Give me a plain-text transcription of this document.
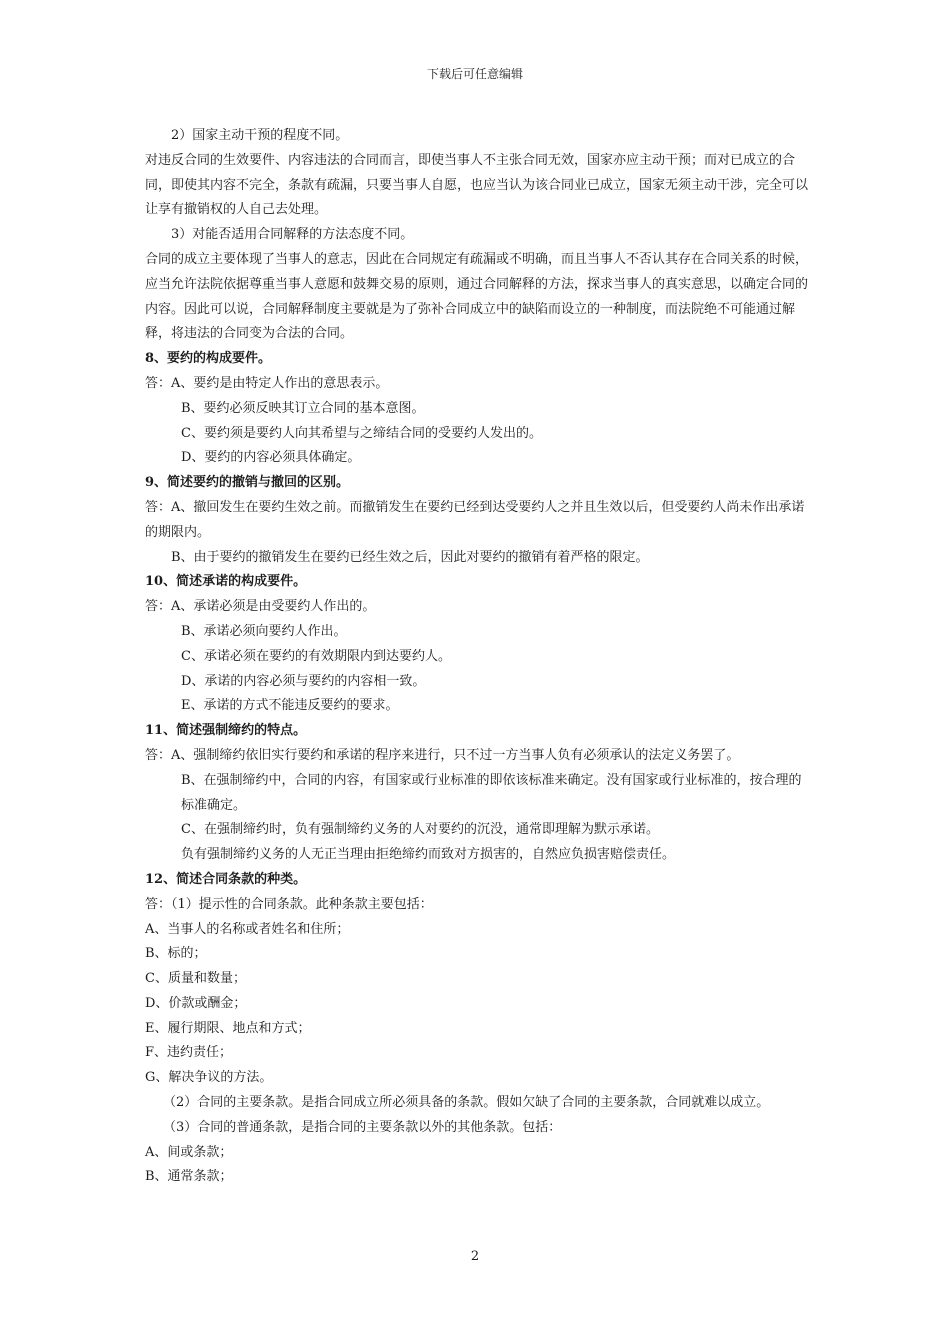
下载后可任意编辑
2）国家主动干预的程度不同。
对违反合同的生效要件、内容违法的合同而言，即使当事人不主张合同无效，国家亦应主动干预；而对已成立的合同，即使其内容不完全，条款有疏漏，只要当事人自愿，也应当认为该合同业已成立，国家无须主动干涉，完全可以让享有撤销权的人自己去处理。
3）对能否适用合同解释的方法态度不同。
合同的成立主要体现了当事人的意志，因此在合同规定有疏漏或不明确，而且当事人不否认其存在合同关系的时候，应当允许法院依据尊重当事人意愿和鼓舞交易的原则，通过合同解释的方法，探求当事人的真实意思，以确定合同的内容。因此可以说，合同解释制度主要就是为了弥补合同成立中的缺陷而设立的一种制度，而法院绝不可能通过解释，将违法的合同变为合法的合同。
8、要约的构成要件。
答：A、要约是由特定人作出的意思表示。
B、要约必须反映其订立合同的基本意图。
C、要约须是要约人向其希望与之缔结合同的受要约人发出的。
D、要约的内容必须具体确定。
9、简述要约的撤销与撤回的区别。
答：A、撤回发生在要约生效之前。而撤销发生在要约已经到达受要约人之并且生效以后，但受要约人尚未作出承诺的期限内。
B、由于要约的撤销发生在要约已经生效之后，因此对要约的撤销有着严格的限定。
10、简述承诺的构成要件。
答：A、承诺必须是由受要约人作出的。
B、承诺必须向要约人作出。
C、承诺必须在要约的有效期限内到达要约人。
D、承诺的内容必须与要约的内容相一致。
E、承诺的方式不能违反要约的要求。
11、简述强制缔约的特点。
答：A、强制缔约依旧实行要约和承诺的程序来进行，只不过一方当事人负有必须承认的法定义务罢了。
B、在强制缔约中，合同的内容，有国家或行业标准的即依该标准来确定。没有国家或行业标准的，按合理的标准确定。
C、在强制缔约时，负有强制缔约义务的人对要约的沉没，通常即理解为默示承诺。
负有强制缔约义务的人无正当理由拒绝缔约而致对方损害的，自然应负损害赔偿责任。
12、简述合同条款的种类。
答：（1）提示性的合同条款。此种条款主要包括：
A、当事人的名称或者姓名和住所；
B、标的；
C、质量和数量；
D、价款或酬金；
E、履行期限、地点和方式；
F、违约责任；
G、解决争议的方法。
（2）合同的主要条款。是指合同成立所必须具备的条款。假如欠缺了合同的主要条款，合同就难以成立。
（3）合同的普通条款，是指合同的主要条款以外的其他条款。包括：
A、间或条款；
B、通常条款；
2
